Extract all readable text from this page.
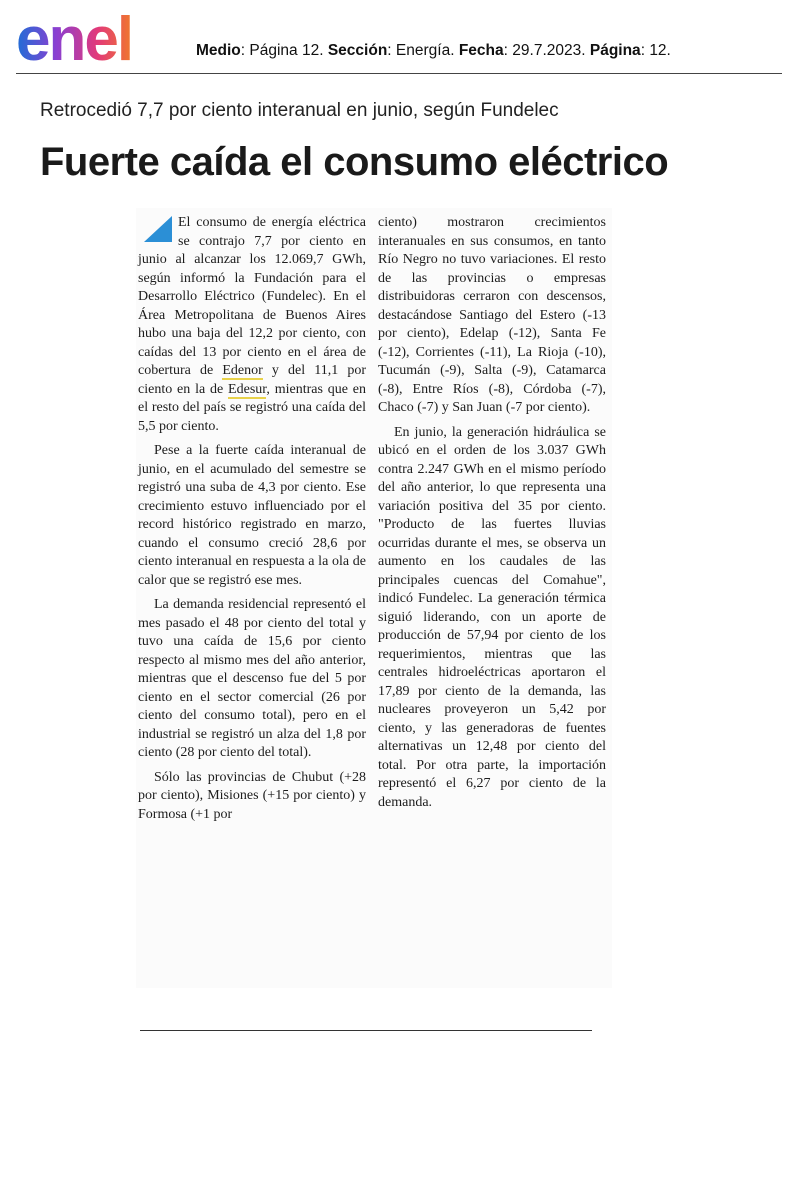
enel	Medio: Página 12. Sección: Energía. Fecha: 29.7.2023. Página: 12.
Retrocedió 7,7 por ciento interanual en junio, según Fundelec
Fuerte caída el consumo eléctrico

El consumo de energía eléctrica se contrajo 7,7 por ciento en junio al alcanzar los 12.069,7 GWh, según informó la Fundación para el Desarrollo Eléctrico (Fundelec). En el Área Metropolitana de Buenos Aires hubo una baja del 12,2 por ciento, con caídas del 13 por ciento en el área de cobertura de Edenor y del 11,1 por ciento en la de Edesur, mientras que en el resto del país se registró una caída del 5,5 por ciento.

Pese a la fuerte caída interanual de junio, en el acumulado del semestre se registró una suba de 4,3 por ciento. Ese crecimiento estuvo influenciado por el record histórico registrado en marzo, cuando el consumo creció 28,6 por ciento interanual en respuesta a la ola de calor que se registró ese mes.

La demanda residencial representó el mes pasado el 48 por ciento del total y tuvo una caída de 15,6 por ciento respecto al mismo mes del año anterior, mientras que el descenso fue del 5 por ciento en el sector comercial (26 por ciento del consumo total), pero en el industrial se registró un alza del 1,8 por ciento (28 por ciento del total).

Sólo las provincias de Chubut (+28 por ciento), Misiones (+15 por ciento) y Formosa (+1 por

ciento) mostraron crecimientos interanuales en sus consumos, en tanto Río Negro no tuvo variaciones. El resto de las provincias o empresas distribuidoras cerraron con descensos, destacándose Santiago del Estero (-13 por ciento), Edelap (-12), Santa Fe (-12), Corrientes (-11), La Rioja (-10), Tucumán (-9), Salta (-9), Catamarca (-8), Entre Ríos (-8), Córdoba (-7), Chaco (-7) y San Juan (-7 por ciento).

En junio, la generación hidráulica se ubicó en el orden de los 3.037 GWh contra 2.247 GWh en el mismo período del año anterior, lo que representa una variación positiva del 35 por ciento. "Producto de las fuertes lluvias ocurridas durante el mes, se observa un aumento en los caudales de las principales cuencas del Comahue", indicó Fundelec. La generación térmica siguió liderando, con un aporte de producción de 57,94 por ciento de los requerimientos, mientras que las centrales hidroeléctricas aportaron el 17,89 por ciento de la demanda, las nucleares proveyeron un 5,42 por ciento, y las generadoras de fuentes alternativas un 12,48 por ciento del total. Por otra parte, la importación representó el 6,27 por ciento de la demanda.
